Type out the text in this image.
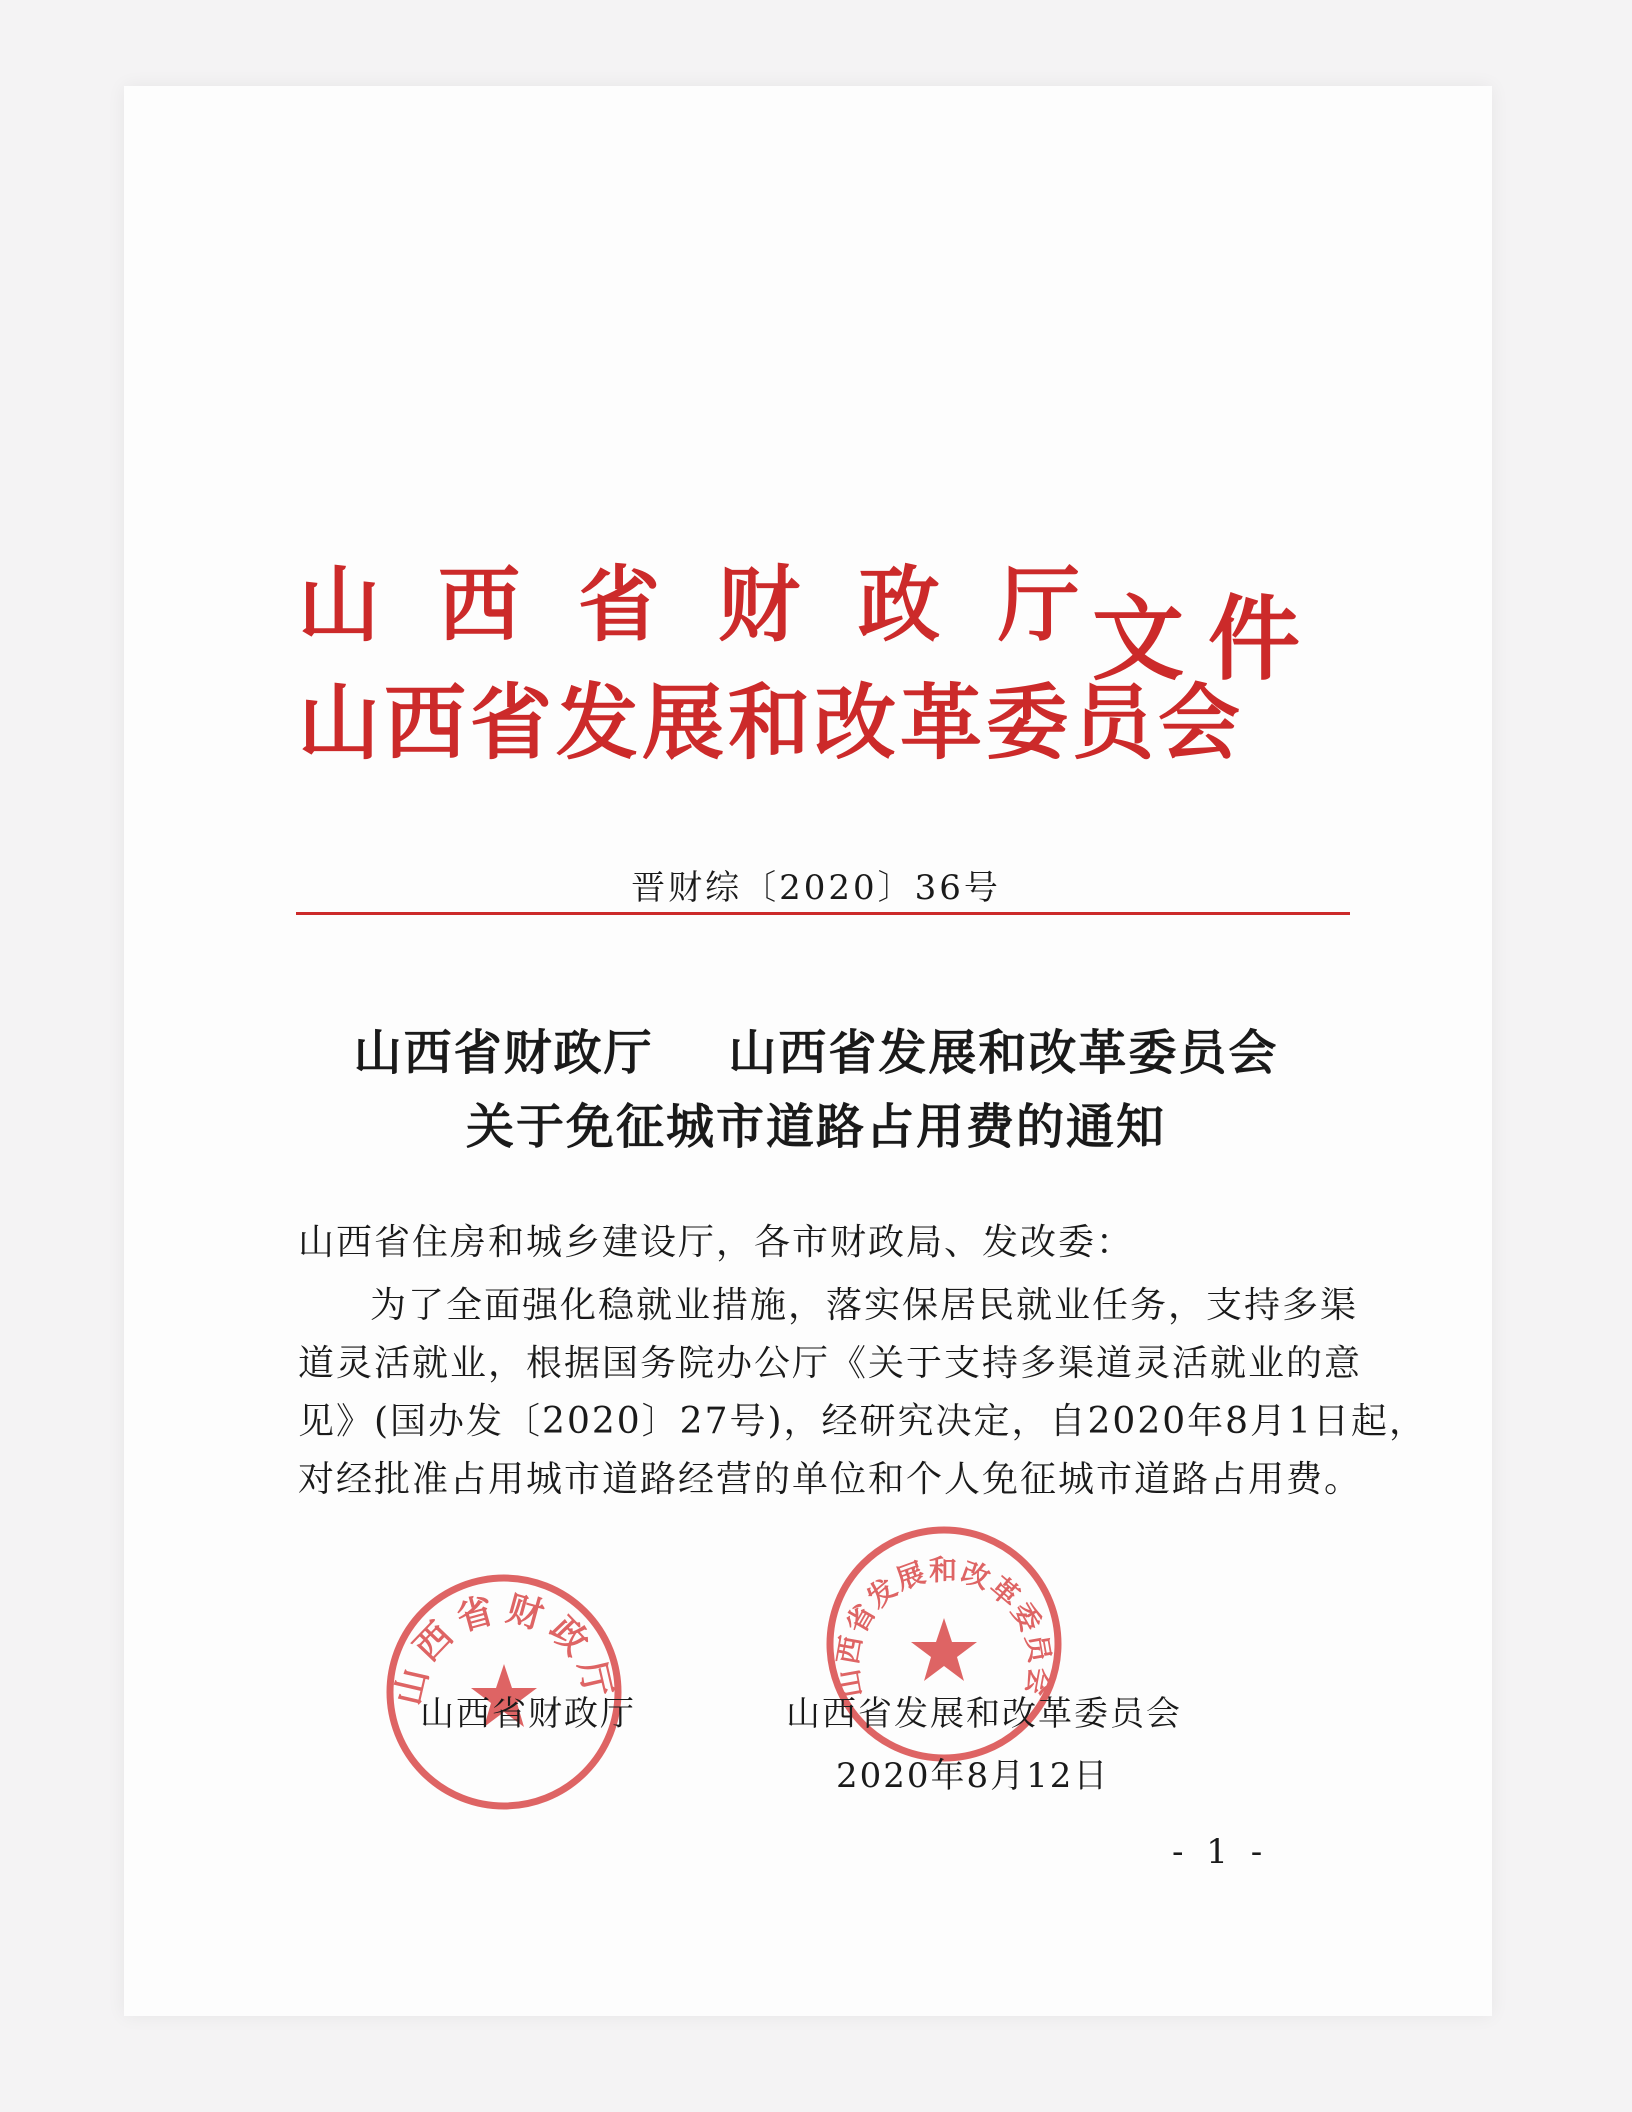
山西省财政厅
文件
山西省发展和改革委员会
晋财综〔2020〕36号
山西省财政厅    山西省发展和改革委员会
关于免征城市道路占用费的通知
山西省住房和城乡建设厅，各市财政局、发改委：
为了全面强化稳就业措施，落实保居民就业任务，支持多渠
道灵活就业，根据国务院办公厅《关于支持多渠道灵活就业的意
见》(国办发〔2020〕27号)，经研究决定，自2020年8月1日起，
对经批准占用城市道路经营的单位和个人免征城市道路占用费。
山西省财政厅	山西省发展和改革委员会
山西省财政厅	山西省发展和改革委员会
2020年8月12日
- 1 -
